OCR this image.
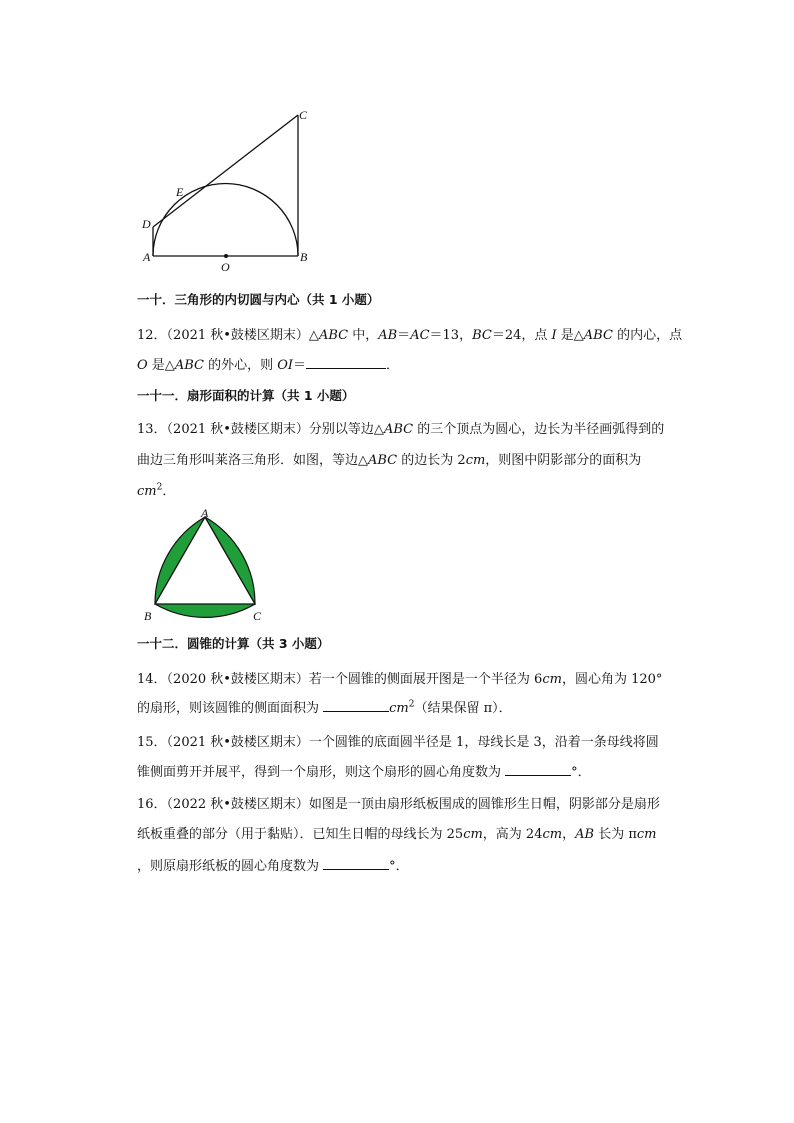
A	B
C
D
E
O
一十．三角形的内切圆与内心（共 1 小题）
12．（2021 秋•鼓楼区期末）△ABC 中，AB＝AC＝13，BC＝24，点 I 是△ABC 的内心，点
O 是△ABC 的外心，则 OI＝	．
一十一．扇形面积的计算（共 1 小题）
13．（2021 秋•鼓楼区期末）分别以等边△ABC 的三个顶点为圆心，边长为半径画弧得到的
曲边三角形叫莱洛三角形．如图，等边△ABC 的边长为 2cm，则图中阴影部分的面积为
$cm^2$．
A
B	C
一十二．圆锥的计算（共 3 小题）
14．（2020 秋•鼓楼区期末）若一个圆锥的侧面展开图是一个半径为 6cm，圆心角为 120°
的扇形，则该圆锥的侧面面积为	$cm^2$（结果保留 π）．
15．（2021 秋•鼓楼区期末）一个圆锥的底面圆半径是 1，母线长是 3，沿着一条母线将圆
锥侧面剪开并展平，得到一个扇形，则这个扇形的圆心角度数为	°．
16．（2022 秋•鼓楼区期末）如图是一顶由扇形纸板围成的圆锥形生日帽，阴影部分是扇形
纸板重叠的部分（用于黏贴）．已知生日帽的母线长为 25cm，高为 24cm，AB 长为 πcm
，则原扇形纸板的圆心角度数为	°．
